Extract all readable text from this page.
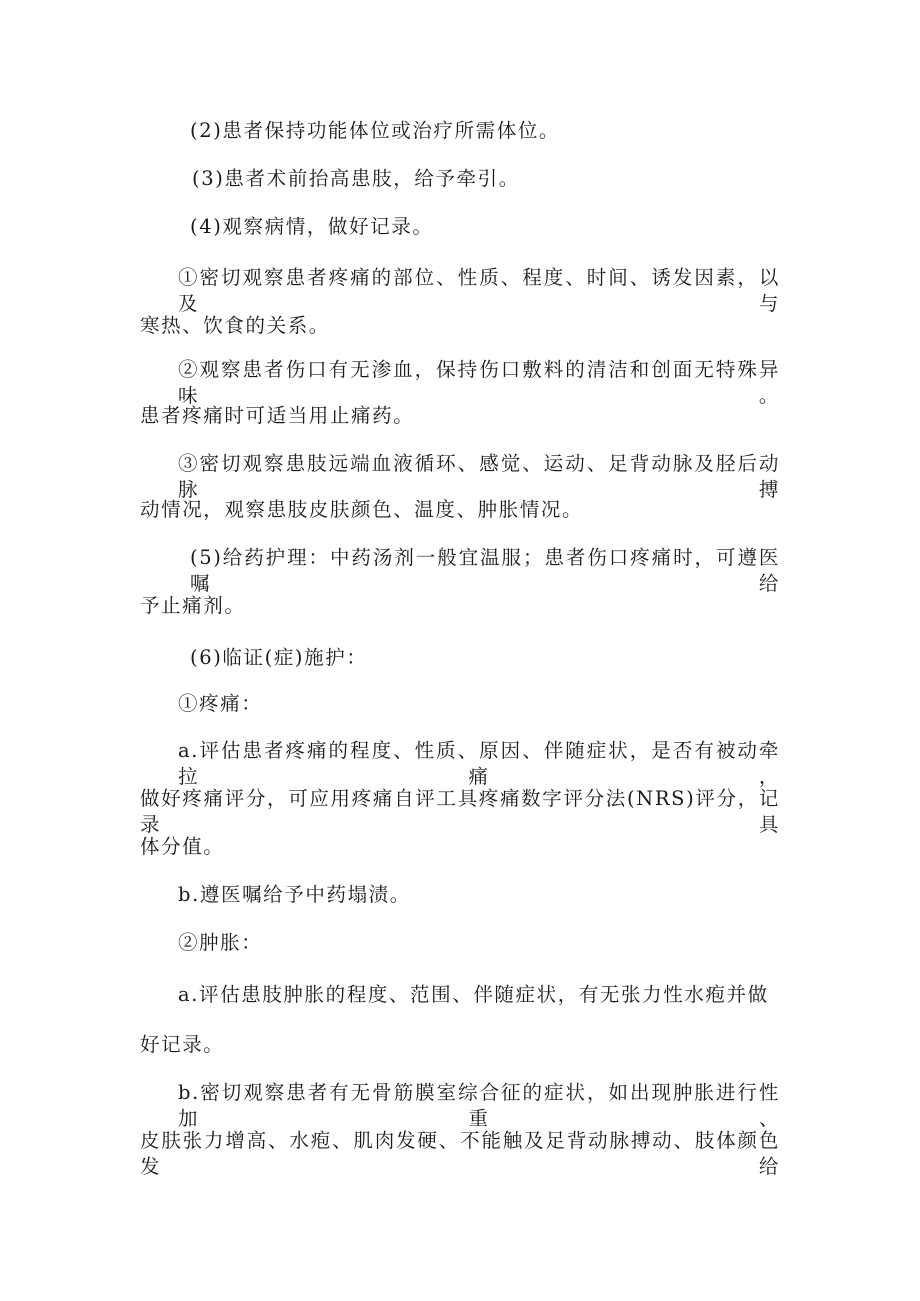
(2)患者保持功能体位或治疗所需体位。
(3)患者术前抬高患肢，给予牵引。
(4)观察病情，做好记录。
①密切观察患者疼痛的部位、性质、程度、时间、诱发因素，以及与
寒热、饮食的关系。
②观察患者伤口有无渗血，保持伤口敷料的清洁和创面无特殊异味。
患者疼痛时可适当用止痛药。
③密切观察患肢远端血液循环、感觉、运动、足背动脉及胫后动脉搏
动情况，观察患肢皮肤颜色、温度、肿胀情况。
(5)给药护理：中药汤剂一般宜温服；患者伤口疼痛时，可遵医嘱给
予止痛剂。
(6)临证(症)施护：
①疼痛：
a.评估患者疼痛的程度、性质、原因、伴随症状，是否有被动牵拉痛，
做好疼痛评分，可应用疼痛自评工具疼痛数字评分法(NRS)评分，记录具
体分值。
b.遵医嘱给予中药塌渍。
②肿胀：
a.评估患肢肿胀的程度、范围、伴随症状，有无张力性水疱并做
好记录。
b.密切观察患者有无骨筋膜室综合征的症状，如出现肿胀进行性加重、
皮肤张力增高、水疱、肌肉发硬、不能触及足背动脉搏动、肢体颜色发给
